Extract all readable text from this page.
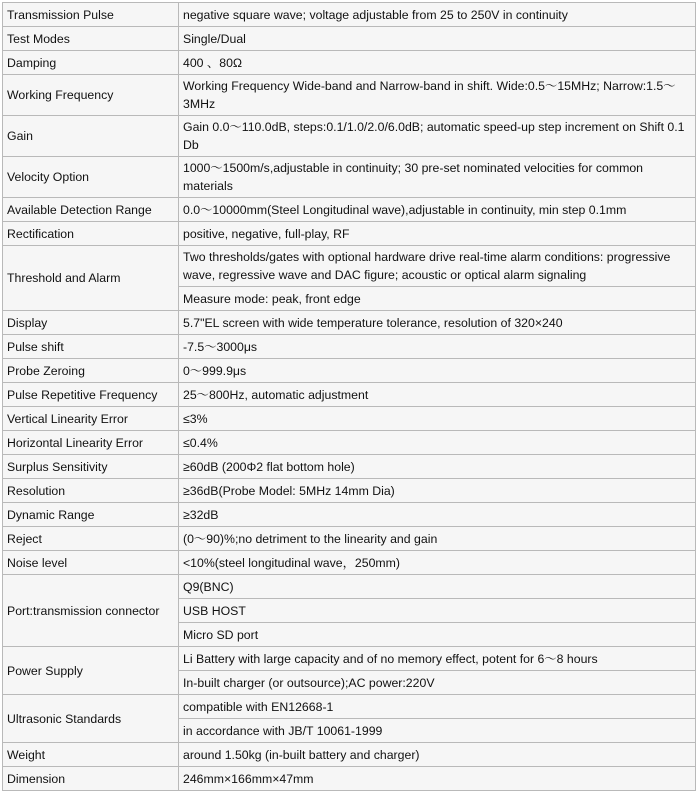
Transmission Pulse	negative square wave; voltage adjustable from 25 to 250V in continuity
Test Modes	Single/Dual
Damping	400 、80Ω
Working Frequency	Working Frequency Wide-band and Narrow-band in shift. Wide:0.5～15MHz; Narrow:1.5～3MHz
Gain	Gain 0.0～110.0dB, steps:0.1/1.0/2.0/6.0dB; automatic speed-up step increment on Shift 0.1 Db
Velocity Option	1000～1500m/s,adjustable in continuity; 30 pre-set nominated velocities for common materials
Available Detection Range	0.0～10000mm(Steel Longitudinal wave),adjustable in continuity, min step 0.1mm
Rectification	positive, negative, full-play, RF
Threshold and Alarm	Two thresholds/gates with optional hardware drive real-time alarm conditions: progressive wave, regressive wave and DAC figure; acoustic or optical alarm signaling
	Measure mode: peak, front edge
Display	5.7"EL screen with wide temperature tolerance, resolution of 320×240
Pulse shift	-7.5～3000μs
Probe Zeroing	0～999.9μs
Pulse Repetitive Frequency	25～800Hz, automatic adjustment
Vertical Linearity Error	≤3%
Horizontal Linearity Error	≤0.4%
Surplus Sensitivity	≥60dB (200Φ2 flat bottom hole)
Resolution	≥36dB(Probe Model: 5MHz 14mm Dia)
Dynamic Range	≥32dB
Reject	(0～90)%;no detriment to the linearity and gain
Noise level	<10%(steel longitudinal wave，250mm)
Port:transmission connector	Q9(BNC)
	USB HOST
	Micro SD port
Power Supply	Li Battery with large capacity and of no memory effect, potent for 6～8 hours
	In-built charger (or outsource);AC power:220V
Ultrasonic Standards	compatible with EN12668-1
	in accordance with JB/T 10061-1999
Weight	around 1.50kg (in-built battery and charger)
Dimension	246mm×166mm×47mm
